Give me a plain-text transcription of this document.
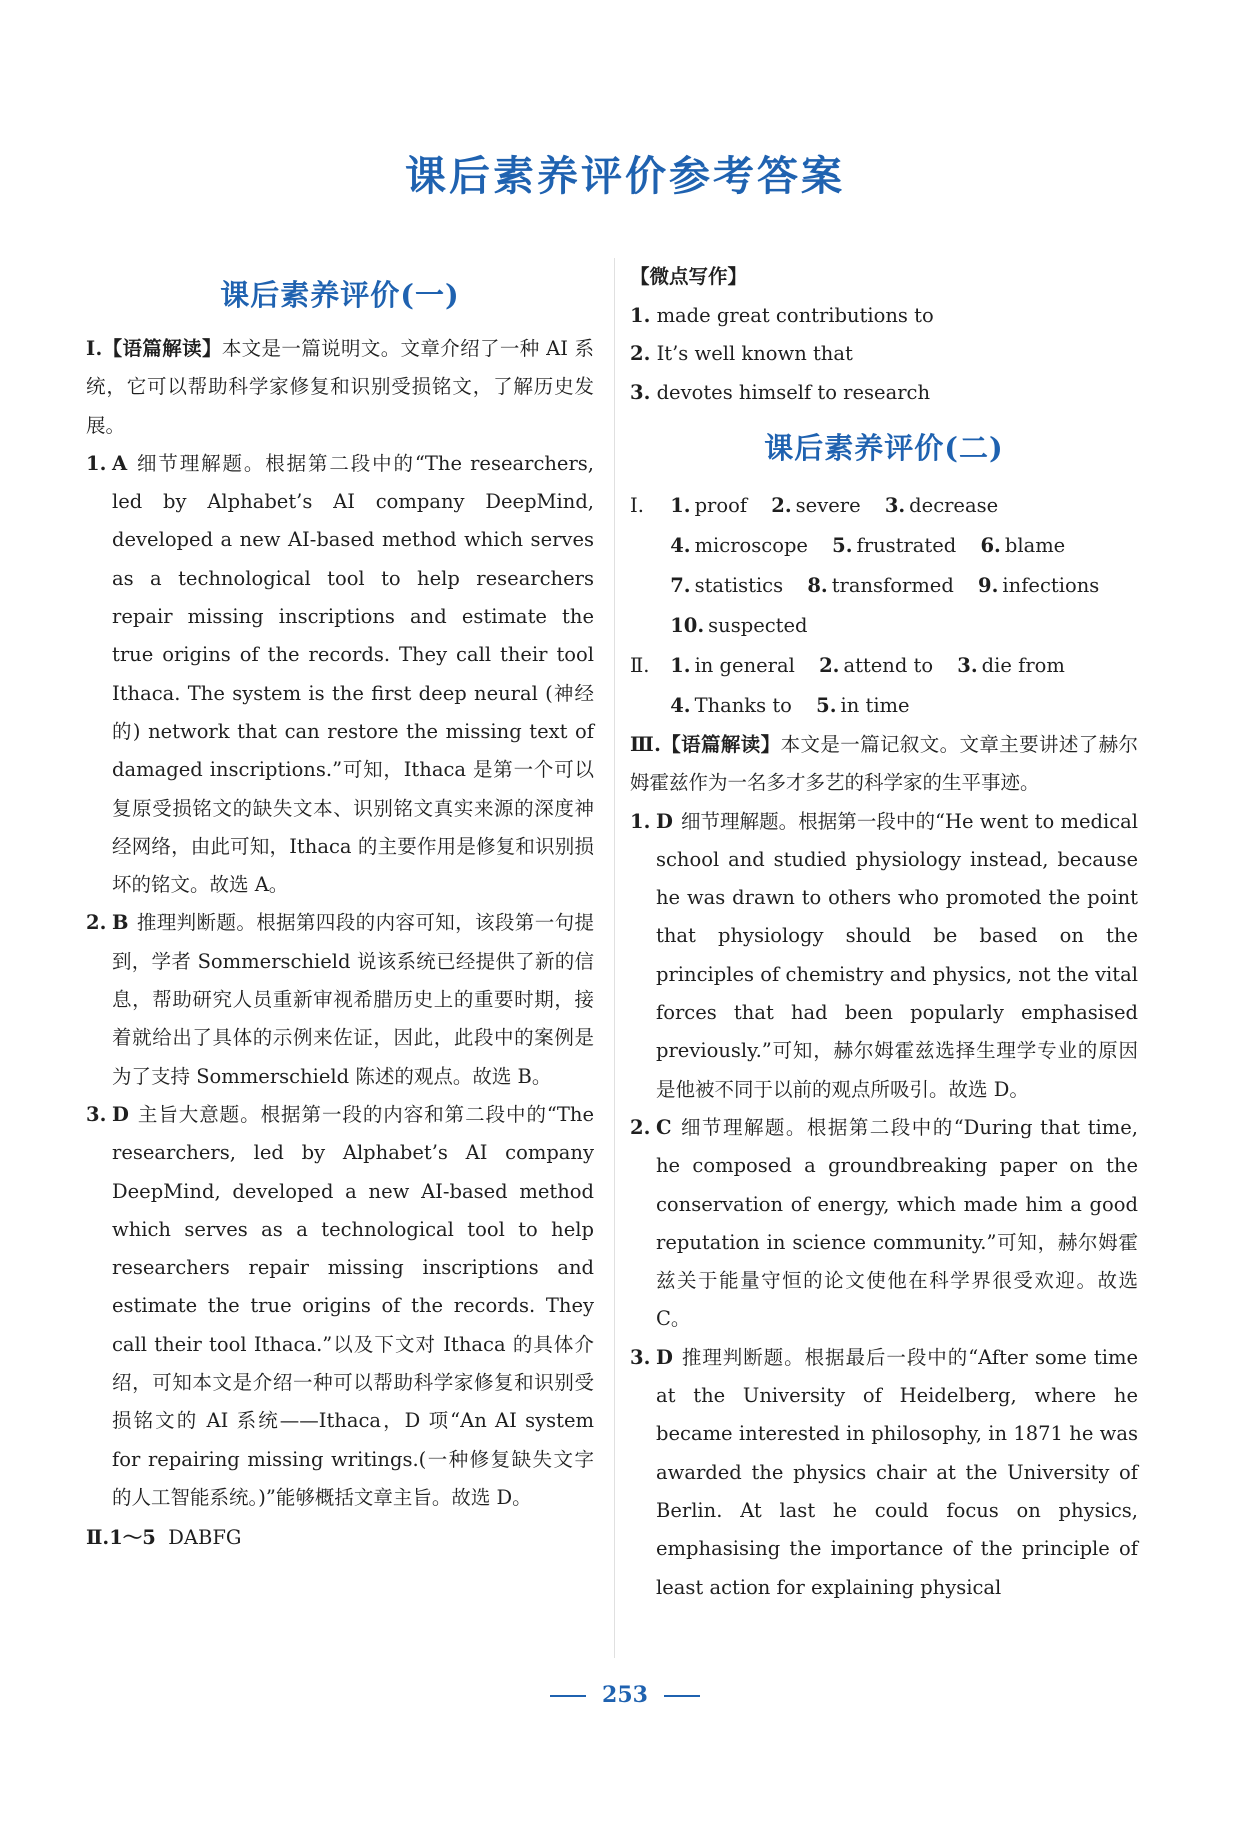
课后素养评价参考答案
课后素养评价(一)
Ⅰ.【语篇解读】本文是一篇说明文。文章介绍了一种 AI 系统，它可以帮助科学家修复和识别受损铭文，了解历史发展。
1. A 细节理解题。根据第二段中的“The researchers, led by Alphabet’s AI company DeepMind, developed a new AI-based method which serves as a technological tool to help researchers repair missing inscriptions and estimate the true origins of the records. They call their tool Ithaca. The system is the first deep neural (神经的) network that can restore the missing text of damaged inscriptions.”可知，Ithaca 是第一个可以复原受损铭文的缺失文本、识别铭文真实来源的深度神经网络，由此可知，Ithaca 的主要作用是修复和识别损坏的铭文。故选 A。
2. B 推理判断题。根据第四段的内容可知，该段第一句提到，学者 Sommerschield 说该系统已经提供了新的信息，帮助研究人员重新审视希腊历史上的重要时期，接着就给出了具体的示例来佐证，因此，此段中的案例是为了支持 Sommerschield 陈述的观点。故选 B。
3. D 主旨大意题。根据第一段的内容和第二段中的“The researchers, led by Alphabet’s AI company DeepMind, developed a new AI-based method which serves as a technological tool to help researchers repair missing inscriptions and estimate the true origins of the records. They call their tool Ithaca.”以及下文对 Ithaca 的具体介绍，可知本文是介绍一种可以帮助科学家修复和识别受损铭文的 AI 系统——Ithaca，D 项“An AI system for repairing missing writings.(一种修复缺失文字的人工智能系统。)”能够概括文章主旨。故选 D。
Ⅱ.1～5 DABFG
【微点写作】
1. made great contributions to
2. It’s well known that
3. devotes himself to research
课后素养评价(二)
Ⅰ. 1. proof 2. severe 3. decrease
4. microscope 5. frustrated 6. blame
7. statistics 8. transformed 9. infections
10. suspected
Ⅱ. 1. in general 2. attend to 3. die from
4. Thanks to 5. in time
Ⅲ.【语篇解读】本文是一篇记叙文。文章主要讲述了赫尔姆霍兹作为一名多才多艺的科学家的生平事迹。
1. D 细节理解题。根据第一段中的“He went to medical school and studied physiology instead, because he was drawn to others who promoted the point that physiology should be based on the principles of chemistry and physics, not the vital forces that had been popularly emphasised previously.”可知，赫尔姆霍兹选择生理学专业的原因是他被不同于以前的观点所吸引。故选 D。
2. C 细节理解题。根据第二段中的“During that time, he composed a groundbreaking paper on the conservation of energy, which made him a good reputation in science community.”可知，赫尔姆霍兹关于能量守恒的论文使他在科学界很受欢迎。故选 C。
3. D 推理判断题。根据最后一段中的“After some time at the University of Heidelberg, where he became interested in philosophy, in 1871 he was awarded the physics chair at the University of Berlin. At last he could focus on physics, emphasising the importance of the principle of least action for explaining physical
253
